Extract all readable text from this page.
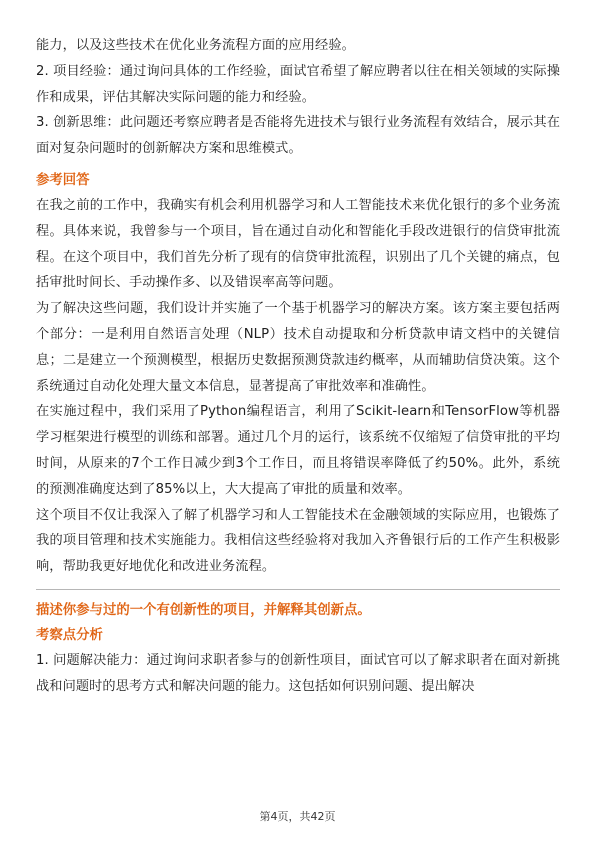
能力，以及这些技术在优化业务流程方面的应用经验。

2. 项目经验：通过询问具体的工作经验，面试官希望了解应聘者以往在相关领域的实际操作和成果，评估其解决实际问题的能力和经验。

3. 创新思维：此问题还考察应聘者是否能将先进技术与银行业务流程有效结合，展示其在面对复杂问题时的创新解决方案和思维模式。

参考回答

在我之前的工作中，我确实有机会利用机器学习和人工智能技术来优化银行的多个业务流程。具体来说，我曾参与一个项目，旨在通过自动化和智能化手段改进银行的信贷审批流程。在这个项目中，我们首先分析了现有的信贷审批流程，识别出了几个关键的痛点，包括审批时间长、手动操作多、以及错误率高等问题。

为了解决这些问题，我们设计并实施了一个基于机器学习的解决方案。该方案主要包括两个部分：一是利用自然语言处理（NLP）技术自动提取和分析贷款申请文档中的关键信息；二是建立一个预测模型，根据历史数据预测贷款违约概率，从而辅助信贷决策。这个系统通过自动化处理大量文本信息，显著提高了审批效率和准确性。

在实施过程中，我们采用了Python编程语言，利用了Scikit-learn和TensorFlow等机器学习框架进行模型的训练和部署。通过几个月的运行，该系统不仅缩短了信贷审批的平均时间，从原来的7个工作日减少到3个工作日，而且将错误率降低了约50%。此外，系统的预测准确度达到了85%以上，大大提高了审批的质量和效率。

这个项目不仅让我深入了解了机器学习和人工智能技术在金融领域的实际应用，也锻炼了我的项目管理和技术实施能力。我相信这些经验将对我加入齐鲁银行后的工作产生积极影响，帮助我更好地优化和改进业务流程。

描述你参与过的一个有创新性的项目，并解释其创新点。

考察点分析

1. 问题解决能力：通过询问求职者参与的创新性项目，面试官可以了解求职者在面对新挑战和问题时的思考方式和解决问题的能力。这包括如何识别问题、提出解决

第4页，共42页
